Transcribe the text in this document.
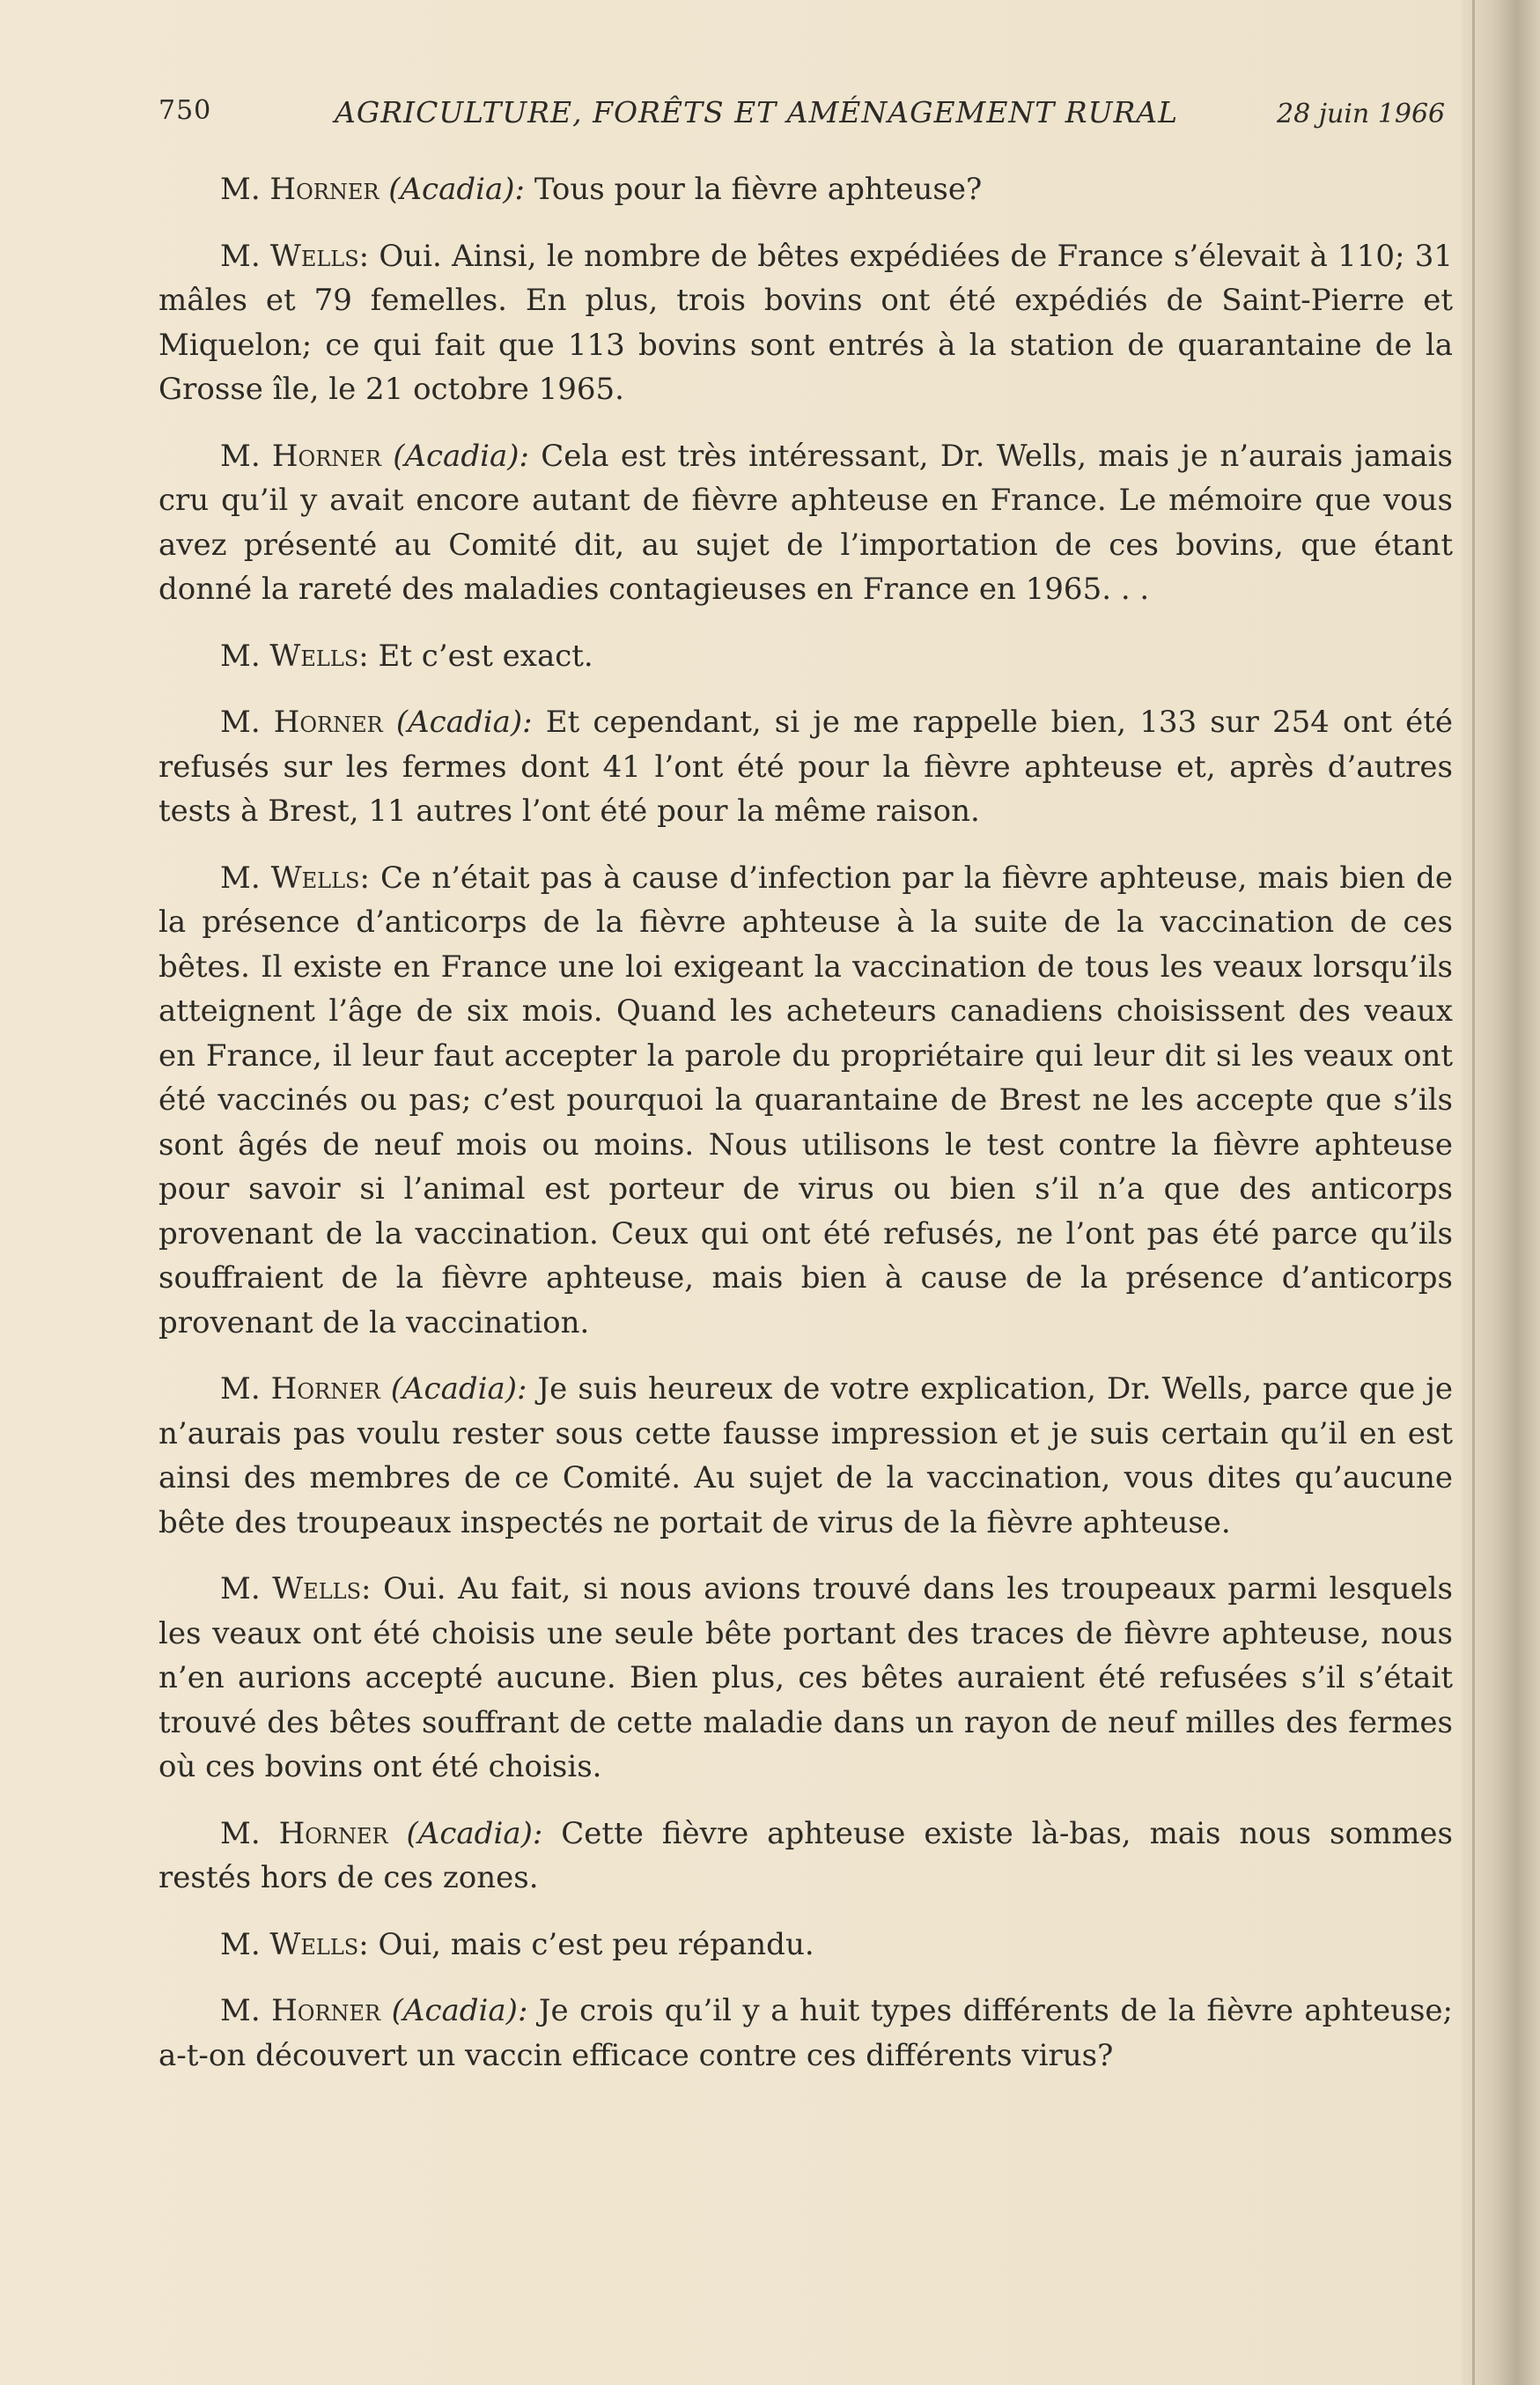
750	AGRICULTURE, FORÊTS ET AMÉNAGEMENT RURAL	28 juin 1966

M. Horner (Acadia): Tous pour la fièvre aphteuse?

M. Wells: Oui. Ainsi, le nombre de bêtes expédiées de France s’élevait à 110; 31 mâles et 79 femelles. En plus, trois bovins ont été expédiés de Saint-Pierre et Miquelon; ce qui fait que 113 bovins sont entrés à la station de quarantaine de la Grosse île, le 21 octobre 1965.

M. Horner (Acadia): Cela est très intéressant, Dr. Wells, mais je n’aurais jamais cru qu’il y avait encore autant de fièvre aphteuse en France. Le mémoire que vous avez présenté au Comité dit, au sujet de l’importation de ces bovins, que étant donné la rareté des maladies contagieuses en France en 1965. . .

M. Wells: Et c’est exact.

M. Horner (Acadia): Et cependant, si je me rappelle bien, 133 sur 254 ont été refusés sur les fermes dont 41 l’ont été pour la fièvre aphteuse et, après d’autres tests à Brest, 11 autres l’ont été pour la même raison.

M. Wells: Ce n’était pas à cause d’infection par la fièvre aphteuse, mais bien de la présence d’anticorps de la fièvre aphteuse à la suite de la vaccination de ces bêtes. Il existe en France une loi exigeant la vaccination de tous les veaux lorsqu’ils atteignent l’âge de six mois. Quand les acheteurs canadiens choisissent des veaux en France, il leur faut accepter la parole du propriétaire qui leur dit si les veaux ont été vaccinés ou pas; c’est pourquoi la quarantaine de Brest ne les accepte que s’ils sont âgés de neuf mois ou moins. Nous utilisons le test contre la fièvre aphteuse pour savoir si l’animal est porteur de virus ou bien s’il n’a que des anticorps provenant de la vaccination. Ceux qui ont été refusés, ne l’ont pas été parce qu’ils souffraient de la fièvre aphteuse, mais bien à cause de la présence d’anticorps provenant de la vaccination.

M. Horner (Acadia): Je suis heureux de votre explication, Dr. Wells, parce que je n’aurais pas voulu rester sous cette fausse impression et je suis certain qu’il en est ainsi des membres de ce Comité. Au sujet de la vaccination, vous dites qu’aucune bête des troupeaux inspectés ne portait de virus de la fièvre aphteuse.

M. Wells: Oui. Au fait, si nous avions trouvé dans les troupeaux parmi lesquels les veaux ont été choisis une seule bête portant des traces de fièvre aphteuse, nous n’en aurions accepté aucune. Bien plus, ces bêtes auraient été refusées s’il s’était trouvé des bêtes souffrant de cette maladie dans un rayon de neuf milles des fermes où ces bovins ont été choisis.

M. Horner (Acadia): Cette fièvre aphteuse existe là-bas, mais nous sommes restés hors de ces zones.

M. Wells: Oui, mais c’est peu répandu.

M. Horner (Acadia): Je crois qu’il y a huit types différents de la fièvre aphteuse; a-t-on découvert un vaccin efficace contre ces différents virus?
